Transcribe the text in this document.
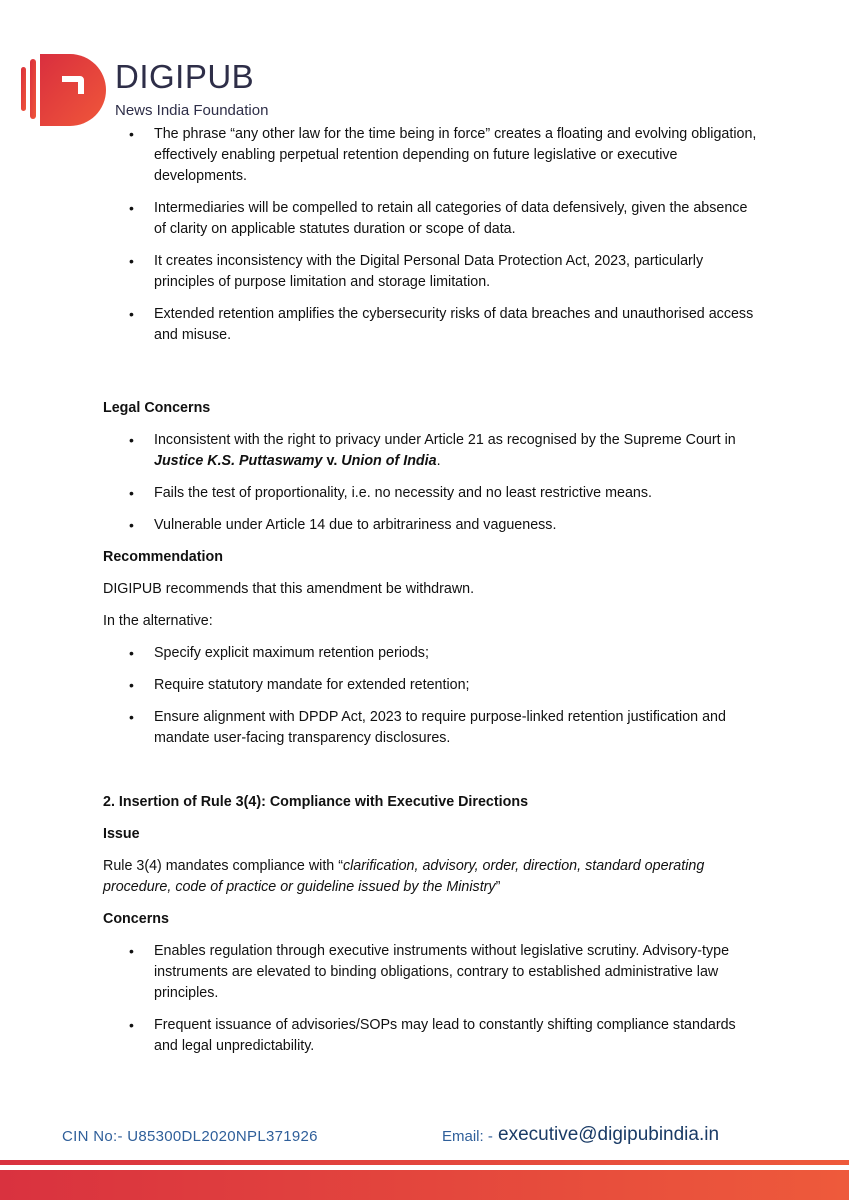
DIGIPUB
News India Foundation
• The phrase “any other law for the time being in force” creates a floating and evolving obligation, effectively enabling perpetual retention depending on future legislative or executive developments.
• Intermediaries will be compelled to retain all categories of data defensively, given the absence of clarity on applicable statutes duration or scope of data.
• It creates inconsistency with the Digital Personal Data Protection Act, 2023, particularly principles of purpose limitation and storage limitation.
• Extended retention amplifies the cybersecurity risks of data breaches and unauthorised access and misuse.

Legal Concerns

• Inconsistent with the right to privacy under Article 21 as recognised by the Supreme Court in Justice K.S. Puttaswamy v. Union of India.
• Fails the test of proportionality, i.e. no necessity and no least restrictive means.
• Vulnerable under Article 14 due to arbitrariness and vagueness.

Recommendation

DIGIPUB recommends that this amendment be withdrawn.

In the alternative:

• Specify explicit maximum retention periods;
• Require statutory mandate for extended retention;
• Ensure alignment with DPDP Act, 2023 to require purpose-linked retention justification and mandate user-facing transparency disclosures.

2. Insertion of Rule 3(4): Compliance with Executive Directions

Issue

Rule 3(4) mandates compliance with “clarification, advisory, order, direction, standard operating procedure, code of practice or guideline issued by the Ministry”

Concerns

• Enables regulation through executive instruments without legislative scrutiny. Advisory-type instruments are elevated to binding obligations, contrary to established administrative law principles.
• Frequent issuance of advisories/SOPs may lead to constantly shifting compliance standards and legal unpredictability.
CIN No:- U85300DL2020NPL371926	Email: - executive@digipubindia.in
